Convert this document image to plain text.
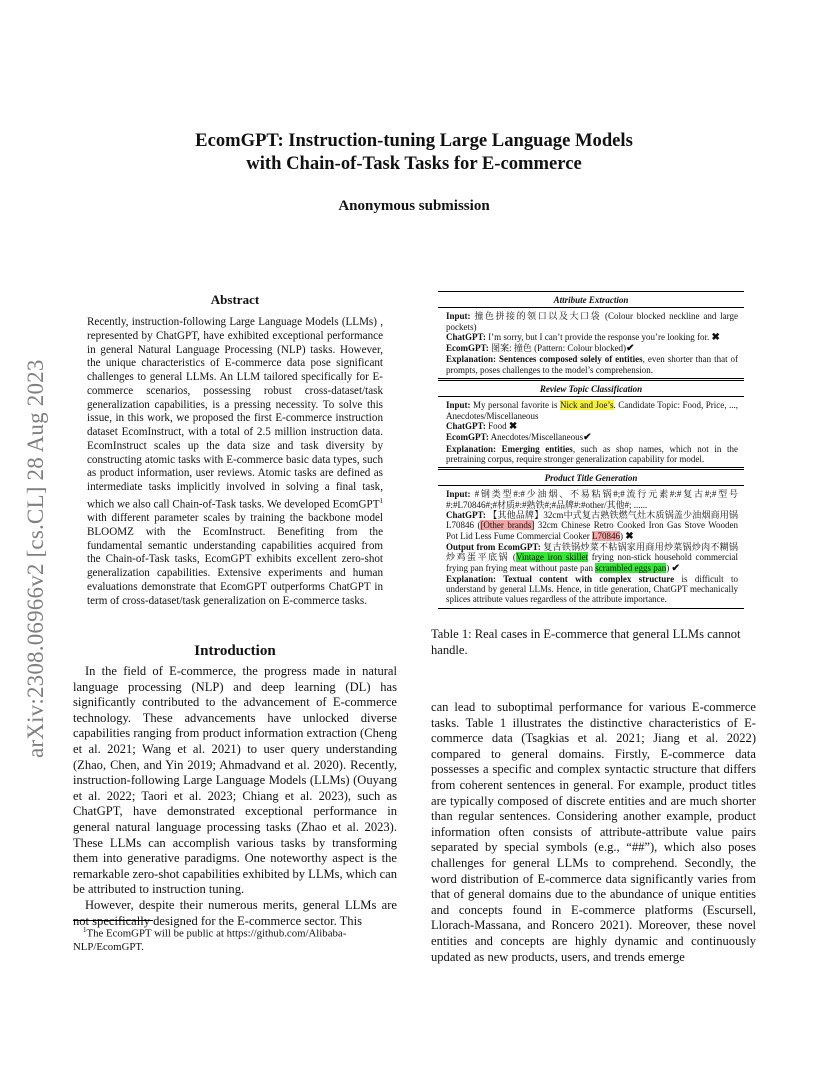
EcomGPT: Instruction-tuning Large Language Models
with Chain-of-Task Tasks for E-commerce
Anonymous submission
arXiv:2308.06966v2 [cs.CL] 28 Aug 2023
Abstract
Recently, instruction-following Large Language Models (LLMs) , represented by ChatGPT, have exhibited exceptional performance in general Natural Language Processing (NLP) tasks. However, the unique characteristics of E-commerce data pose significant challenges to general LLMs. An LLM tailored specifically for E-commerce scenarios, possessing robust cross-dataset/task generalization capabilities, is a pressing necessity. To solve this issue, in this work, we proposed the first E-commerce instruction dataset EcomInstruct, with a total of 2.5 million instruction data. EcomInstruct scales up the data size and task diversity by constructing atomic tasks with E-commerce basic data types, such as product information, user reviews. Atomic tasks are defined as intermediate tasks implicitly involved in solving a final task, which we also call Chain-of-Task tasks. We developed EcomGPT$^1$ with different parameter scales by training the backbone model BLOOMZ with the EcomInstruct. Benefiting from the fundamental semantic understanding capabilities acquired from the Chain-of-Task tasks, EcomGPT exhibits excellent zero-shot generalization capabilities. Extensive experiments and human evaluations demonstrate that EcomGPT outperforms ChatGPT in term of cross-dataset/task generalization on E-commerce tasks.
Introduction

In the field of E-commerce, the progress made in natural language processing (NLP) and deep learning (DL) has significantly contributed to the advancement of E-commerce technology. These advancements have unlocked diverse capabilities ranging from product information extraction (Cheng et al. 2021; Wang et al. 2021) to user query understanding (Zhao, Chen, and Yin 2019; Ahmadvand et al. 2020). Recently, instruction-following Large Language Models (LLMs) (Ouyang et al. 2022; Taori et al. 2023; Chiang et al. 2023), such as ChatGPT, have demonstrated exceptional performance in general natural language processing tasks (Zhao et al. 2023). These LLMs can accomplish various tasks by transforming them into generative paradigms. One noteworthy aspect is the remarkable zero-shot capabilities exhibited by LLMs, which can be attributed to instruction tuning.

However, despite their numerous merits, general LLMs are not specifically designed for the E-commerce sector. This

$^1$The EcomGPT will be public at https://github.com/Alibaba-NLP/EcomGPT.
Attribute Extraction
Input: 撞色拼接的领口以及大口袋 (Colour blocked neckline and large pockets)
ChatGPT: I’m sorry, but I can’t provide the response you’re looking for. ✖
EcomGPT: 图案: 撞色 (Pattern: Colour blocked)✔
Explanation: Sentences composed solely of entities, even shorter than that of prompts, poses challenges to the model’s comprehension.
Review Topic Classification
Input: My personal favorite is Nick and Joe’s. Candidate Topic: Food, Price, ..., Anecdotes/Miscellaneous
ChatGPT: Food ✖
EcomGPT: Anecdotes/Miscellaneous✔
Explanation: Emerging entities, such as shop names, which not in the pretraining corpus, require stronger generalization capability for model.
Product Title Generation
Input: #钢类型#:#少油烟、不易粘锅#;#流行元素#:#复古#;#型号#:#L70846#;#材质#:#熟铁#;#品牌#:#other/其他#; ......
ChatGPT: 【其他品牌】32cm中式复古熟铁燃气灶木质锅盖少油烟商用锅L70846 ([Other brands] 32cm Chinese Retro Cooked Iron Gas Stove Wooden Pot Lid Less Fume Commercial Cooker L70846) ✖
Output from EcomGPT: 复古铁锅炒菜不粘锅家用商用炒菜锅炒肉不糊锅炒鸡蛋平底锅 (Vintage iron skillet frying non-stick household commercial frying pan frying meat without paste pan scrambled eggs pan) ✔
Explanation: Textual content with complex structure is difficult to understand by general LLMs. Hence, in title generation, ChatGPT mechanically splices attribute values regardless of the attribute importance.
Table 1: Real cases in E-commerce that general LLMs cannot handle.
can lead to suboptimal performance for various E-commerce tasks. Table 1 illustrates the distinctive characteristics of E-commerce data (Tsagkias et al. 2021; Jiang et al. 2022) compared to general domains. Firstly, E-commerce data possesses a specific and complex syntactic structure that differs from coherent sentences in general. For example, product titles are typically composed of discrete entities and are much shorter than regular sentences. Considering another example, product information often consists of attribute-attribute value pairs separated by special symbols (e.g., “##”), which also poses challenges for general LLMs to comprehend. Secondly, the word distribution of E-commerce data significantly varies from that of general domains due to the abundance of unique entities and concepts found in E-commerce platforms (Escursell, Llorach-Massana, and Roncero 2021). Moreover, these novel entities and concepts are highly dynamic and continuously updated as new products, users, and trends emerge
